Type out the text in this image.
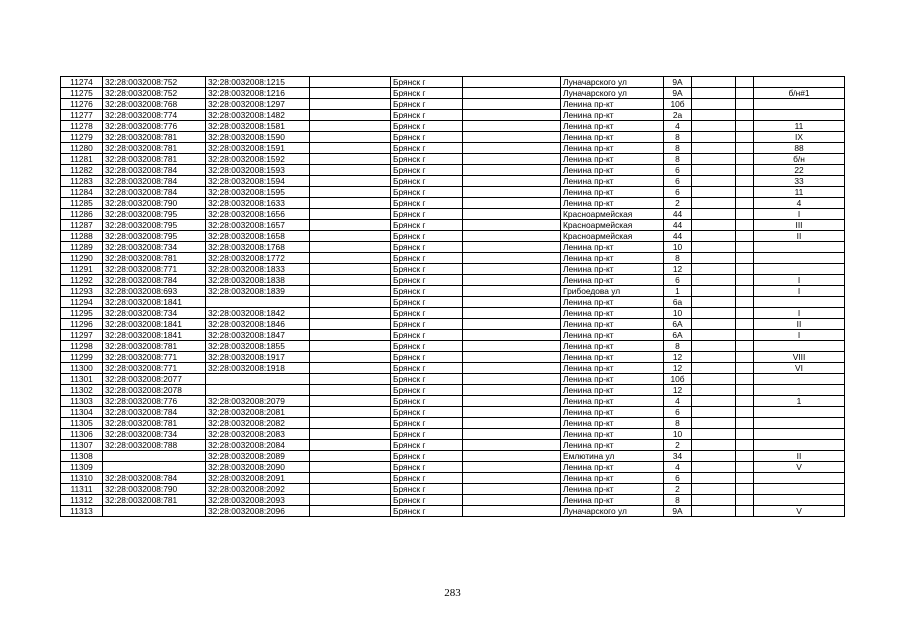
11274	32:28:0032008:752	32:28:0032008:1215		Брянск г		Луначарского ул	9А			
11275	32:28:0032008:752	32:28:0032008:1216		Брянск г		Луначарского ул	9А			б/н#1
11276	32:28:0032008:768	32:28:0032008:1297		Брянск г		Ленина пр-кт	10б			
11277	32:28:0032008:774	32:28:0032008:1482		Брянск г		Ленина пр-кт	2а			
11278	32:28:0032008:776	32:28:0032008:1581		Брянск г		Ленина пр-кт	4			11
11279	32:28:0032008:781	32:28:0032008:1590		Брянск г		Ленина пр-кт	8			IX
11280	32:28:0032008:781	32:28:0032008:1591		Брянск г		Ленина пр-кт	8			88
11281	32:28:0032008:781	32:28:0032008:1592		Брянск г		Ленина пр-кт	8			б/н
11282	32:28:0032008:784	32:28:0032008:1593		Брянск г		Ленина пр-кт	6			22
11283	32:28:0032008:784	32:28:0032008:1594		Брянск г		Ленина пр-кт	6			33
11284	32:28:0032008:784	32:28:0032008:1595		Брянск г		Ленина пр-кт	6			11
11285	32:28:0032008:790	32:28:0032008:1633		Брянск г		Ленина пр-кт	2			4
11286	32:28:0032008:795	32:28:0032008:1656		Брянск г		Красноармейская	44			I
11287	32:28:0032008:795	32:28:0032008:1657		Брянск г		Красноармейская	44			III
11288	32:28:0032008:795	32:28:0032008:1658		Брянск г		Красноармейская	44			II
11289	32:28:0032008:734	32:28:0032008:1768		Брянск г		Ленина пр-кт	10			
11290	32:28:0032008:781	32:28:0032008:1772		Брянск г		Ленина пр-кт	8			
11291	32:28:0032008:771	32:28:0032008:1833		Брянск г		Ленина пр-кт	12			
11292	32:28:0032008:784	32:28:0032008:1838		Брянск г		Ленина пр-кт	6			I
11293	32:28:0032008:693	32:28:0032008:1839		Брянск г		Грибоедова ул	1			I
11294	32:28:0032008:1841			Брянск г		Ленина пр-кт	6а			
11295	32:28:0032008:734	32:28:0032008:1842		Брянск г		Ленина пр-кт	10			I
11296	32:28:0032008:1841	32:28:0032008:1846		Брянск г		Ленина пр-кт	6А			II
11297	32:28:0032008:1841	32:28:0032008:1847		Брянск г		Ленина пр-кт	6А			I
11298	32:28:0032008:781	32:28:0032008:1855		Брянск г		Ленина пр-кт	8			
11299	32:28:0032008:771	32:28:0032008:1917		Брянск г		Ленина пр-кт	12			VIII
11300	32:28:0032008:771	32:28:0032008:1918		Брянск г		Ленина пр-кт	12			VI
11301	32:28:0032008:2077			Брянск г		Ленина пр-кт	10б			
11302	32:28:0032008:2078			Брянск г		Ленина пр-кт	12			
11303	32:28:0032008:776	32:28:0032008:2079		Брянск г		Ленина пр-кт	4			1
11304	32:28:0032008:784	32:28:0032008:2081		Брянск г		Ленина пр-кт	6			
11305	32:28:0032008:781	32:28:0032008:2082		Брянск г		Ленина пр-кт	8			
11306	32:28:0032008:734	32:28:0032008:2083		Брянск г		Ленина пр-кт	10			
11307	32:28:0032008:788	32:28:0032008:2084		Брянск г		Ленина пр-кт	2			
11308		32:28:0032008:2089		Брянск г		Емлютина ул	34			II
11309		32:28:0032008:2090		Брянск г		Ленина пр-кт	4			V
11310	32:28:0032008:784	32:28:0032008:2091		Брянск г		Ленина пр-кт	6			
11311	32:28:0032008:790	32:28:0032008:2092		Брянск г		Ленина пр-кт	2			
11312	32:28:0032008:781	32:28:0032008:2093		Брянск г		Ленина пр-кт	8			
11313		32:28:0032008:2096		Брянск г		Луначарского ул	9А			V
283
